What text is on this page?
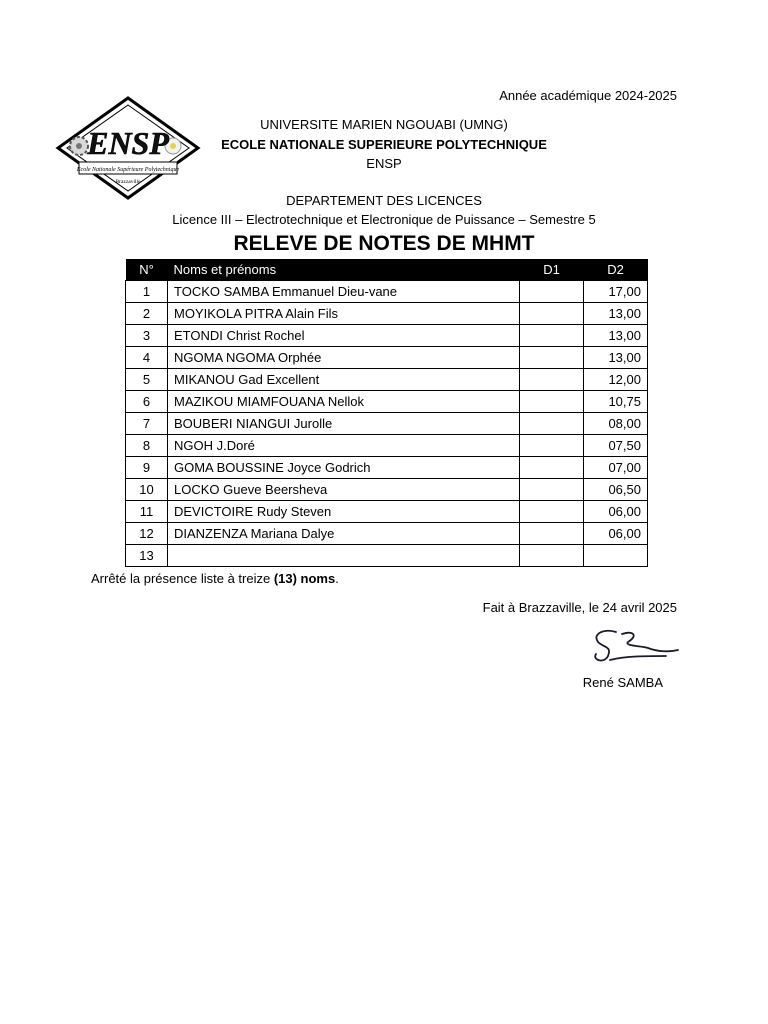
Année académique 2024-2025
ENSP
Ecole Nationale Supérieure Polytechnique
Brazzaville
UNIVERSITE MARIEN NGOUABI (UMNG)
ECOLE NATIONALE SUPERIEURE POLYTECHNIQUE
ENSP
DEPARTEMENT DES LICENCES
Licence III – Electrotechnique et Electronique de Puissance – Semestre 5
RELEVE DE NOTES DE MHMT
N°	Noms et prénoms	D1	D2
1	TOCKO SAMBA Emmanuel Dieu-vane		17,00
2	MOYIKOLA PITRA Alain Fils		13,00
3	ETONDI Christ Rochel		13,00
4	NGOMA NGOMA Orphée		13,00
5	MIKANOU Gad Excellent		12,00
6	MAZIKOU MIAMFOUANA Nellok		10,75
7	BOUBERI NIANGUI Jurolle		08,00
8	NGOH J.Doré		07,50
9	GOMA BOUSSINE Joyce Godrich		07,00
10	LOCKO Gueve Beersheva		06,50
11	DEVICTOIRE Rudy Steven		06,00
12	DIANZENZA Mariana Dalye		06,00
13			
Arrêté la présence liste à treize (13) noms.
Fait à Brazzaville, le 24 avril 2025
René SAMBA
